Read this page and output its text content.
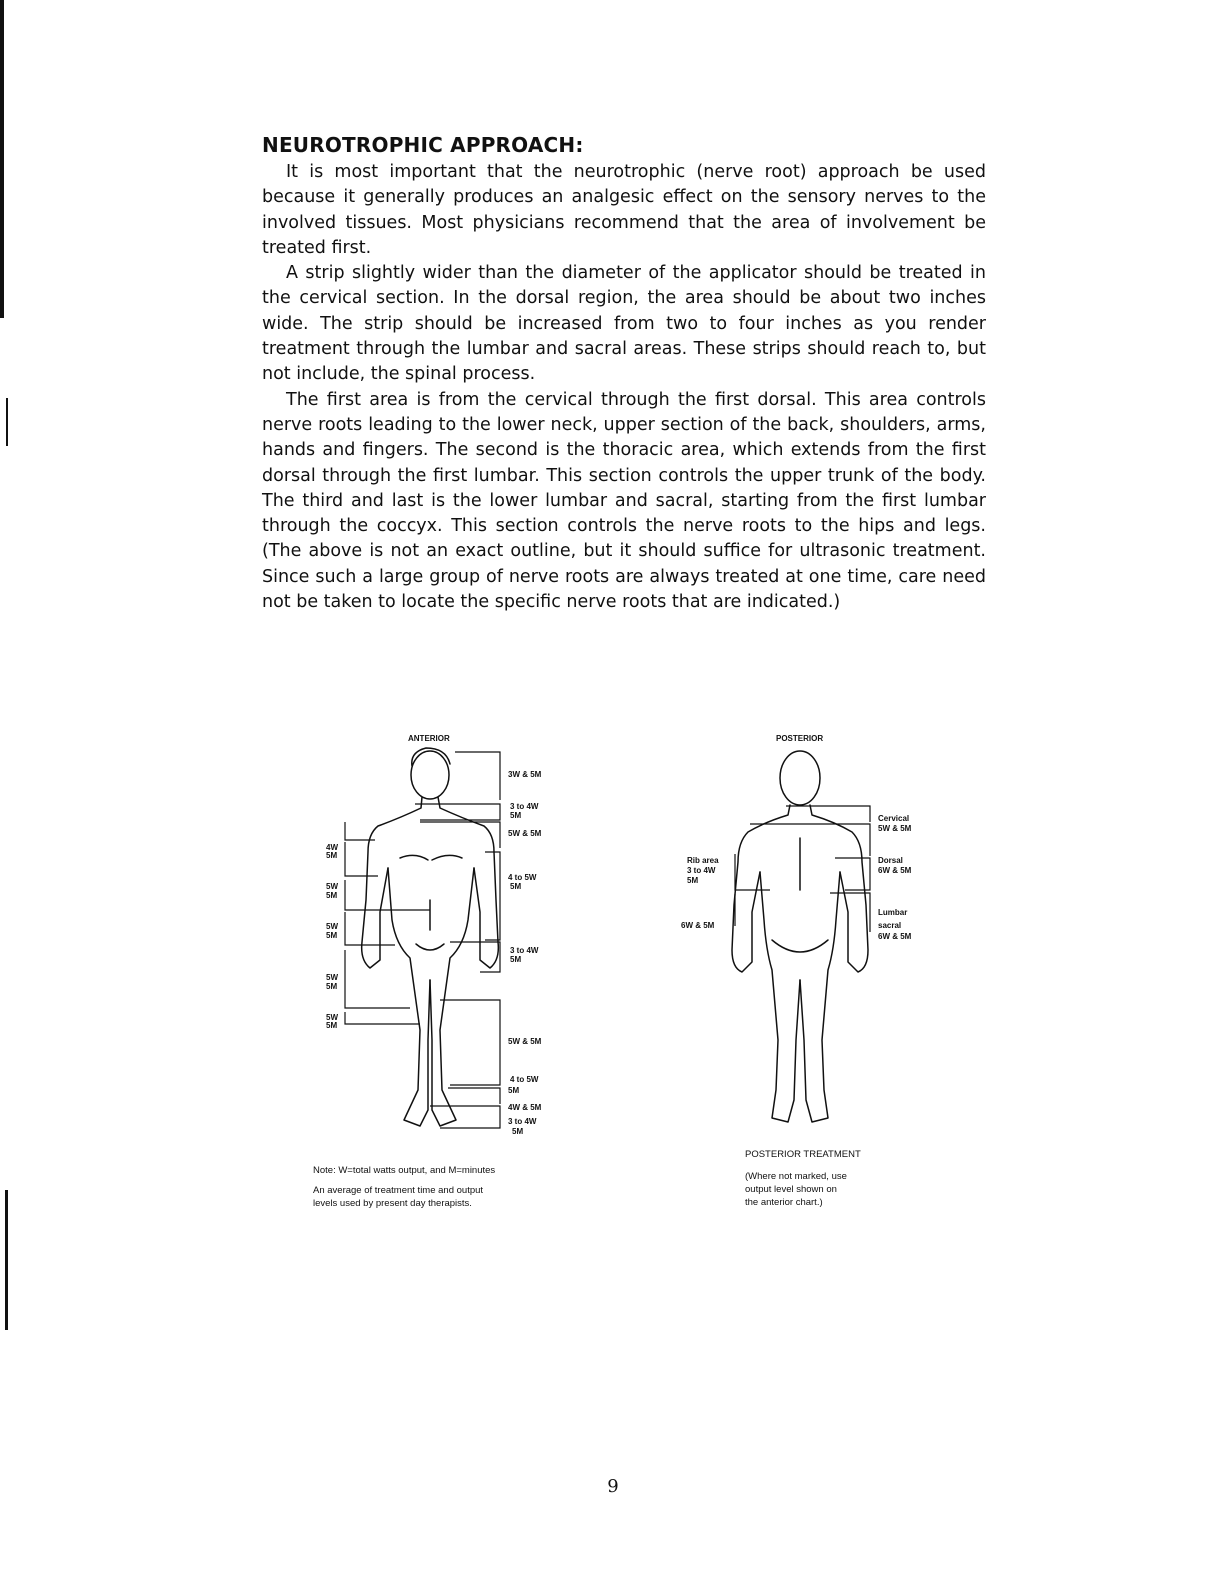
NEUROTROPHIC APPROACH:

It is most important that the neurotrophic (nerve root) approach be used because it generally produces an analgesic effect on the sensory nerves to the involved tissues. Most physicians recommend that the area of involvement be treated first.

A strip slightly wider than the diameter of the applicator should be treated in the cervical section. In the dorsal region, the area should be about two inches wide. The strip should be increased from two to four inches as you render treatment through the lumbar and sacral areas. These strips should reach to, but not include, the spinal process.

The first area is from the cervical through the first dorsal. This area controls nerve roots leading to the lower neck, upper section of the back, shoulders, arms, hands and fingers. The second is the thoracic area, which extends from the first dorsal through the first lumbar. This section controls the upper trunk of the body. The third and last is the lower lumbar and sacral, starting from the first lumbar through the coccyx. This section controls the nerve roots to the hips and legs. (The above is not an exact outline, but it should suffice for ultrasonic treatment. Since such a large group of nerve roots are always treated at one time, care need not be taken to locate the specific nerve roots that are indicated.)

ANTERIOR
3W & 5M
3 to 4W
5M
5W & 5M
4 to 5W
5M
3 to 4W
5M
5W & 5M
4 to 5W
5M
4W & 5M
3 to 4W
5M
4W
5M
5W
5M
5W
5M
5W
5M
5W
5M
Note: W=total watts output, and M=minutes
An average of treatment time and output
levels used by present day therapists.
POSTERIOR
Cervical
5W & 5M
Dorsal
6W & 5M
Lumbar
sacral
6W & 5M
Rib area
3 to 4W
5M
6W & 5M
POSTERIOR TREATMENT
(Where not marked, use
output level shown on
the anterior chart.)
9
